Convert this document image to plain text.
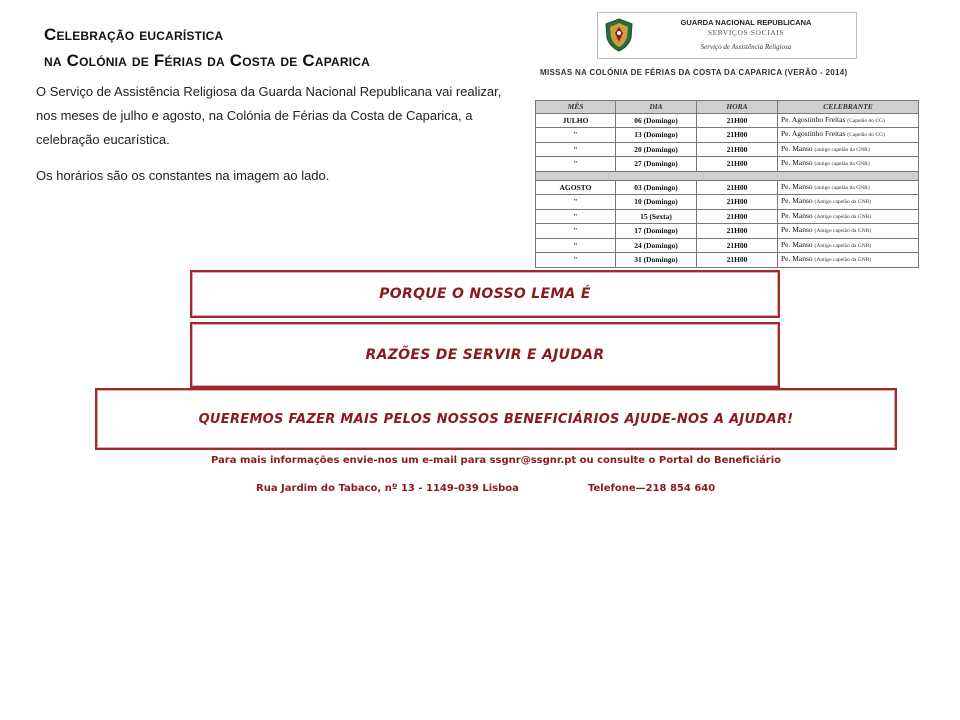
Celebração eucarística
na Colónia de Férias da Costa de Caparica
O Serviço de Assistência Religiosa da Guarda Nacional Republicana vai realizar, nos meses de julho e agosto, na Colónia de Férias da Costa de Caparica, a celebração eucarística.
Os horários são os constantes na imagem ao lado.
GUARDA NACIONAL REPUBLICANA
SERVIÇOS SOCIAIS
Serviço de Assistência Religiosa
MISSAS NA COLÓNIA DE FÉRIAS DA COSTA DA CAPARICA (VERÃO - 2014)
MÊS	DIA	HORA	CELEBRANTE
JULHO	06 (Domingo)	21H00	Pe. Agostinho Freitas (Capelão do CG)
"	13 (Domingo)	21H00	Pe. Agostinho Freitas (Capelão do CG)
"	20 (Domingo)	21H00	Pe. Manso (antigo capelão da GNR)
"	27 (Domingo)	21H00	Pe. Manso (antigo capelão da GNR)

AGOSTO	03 (Domingo)	21H00	Pe. Manso (antigo capelão da GNR)
"	10 (Domingo)	21H00	Pe. Manso (Antigo capelão da GNR)
"	15 (Sexta)	21H00	Pe. Manso (Antigo capelão da GNR)
"	17 (Domingo)	21H00	Pe. Manso (Antigo capelão da GNR)
"	24 (Domingo)	21H00	Pe. Manso (Antigo capelão da GNR)
"	31 (Domingo)	21H00	Pe. Manso (Antigo capelão da GNR)
PORQUE O NOSSO LEMA É
RAZÕES DE SERVIR E AJUDAR
QUEREMOS FAZER MAIS PELOS NOSSOS BENEFICIÁRIOS AJUDE-NOS A AJUDAR!
Para mais informações envie-nos um e-mail para ssgnr@ssgnr.pt ou consulte o Portal do Beneficiário
Rua Jardim do Tabaco, nº 13 - 1149-039 Lisboa	Telefone—218 854 640
